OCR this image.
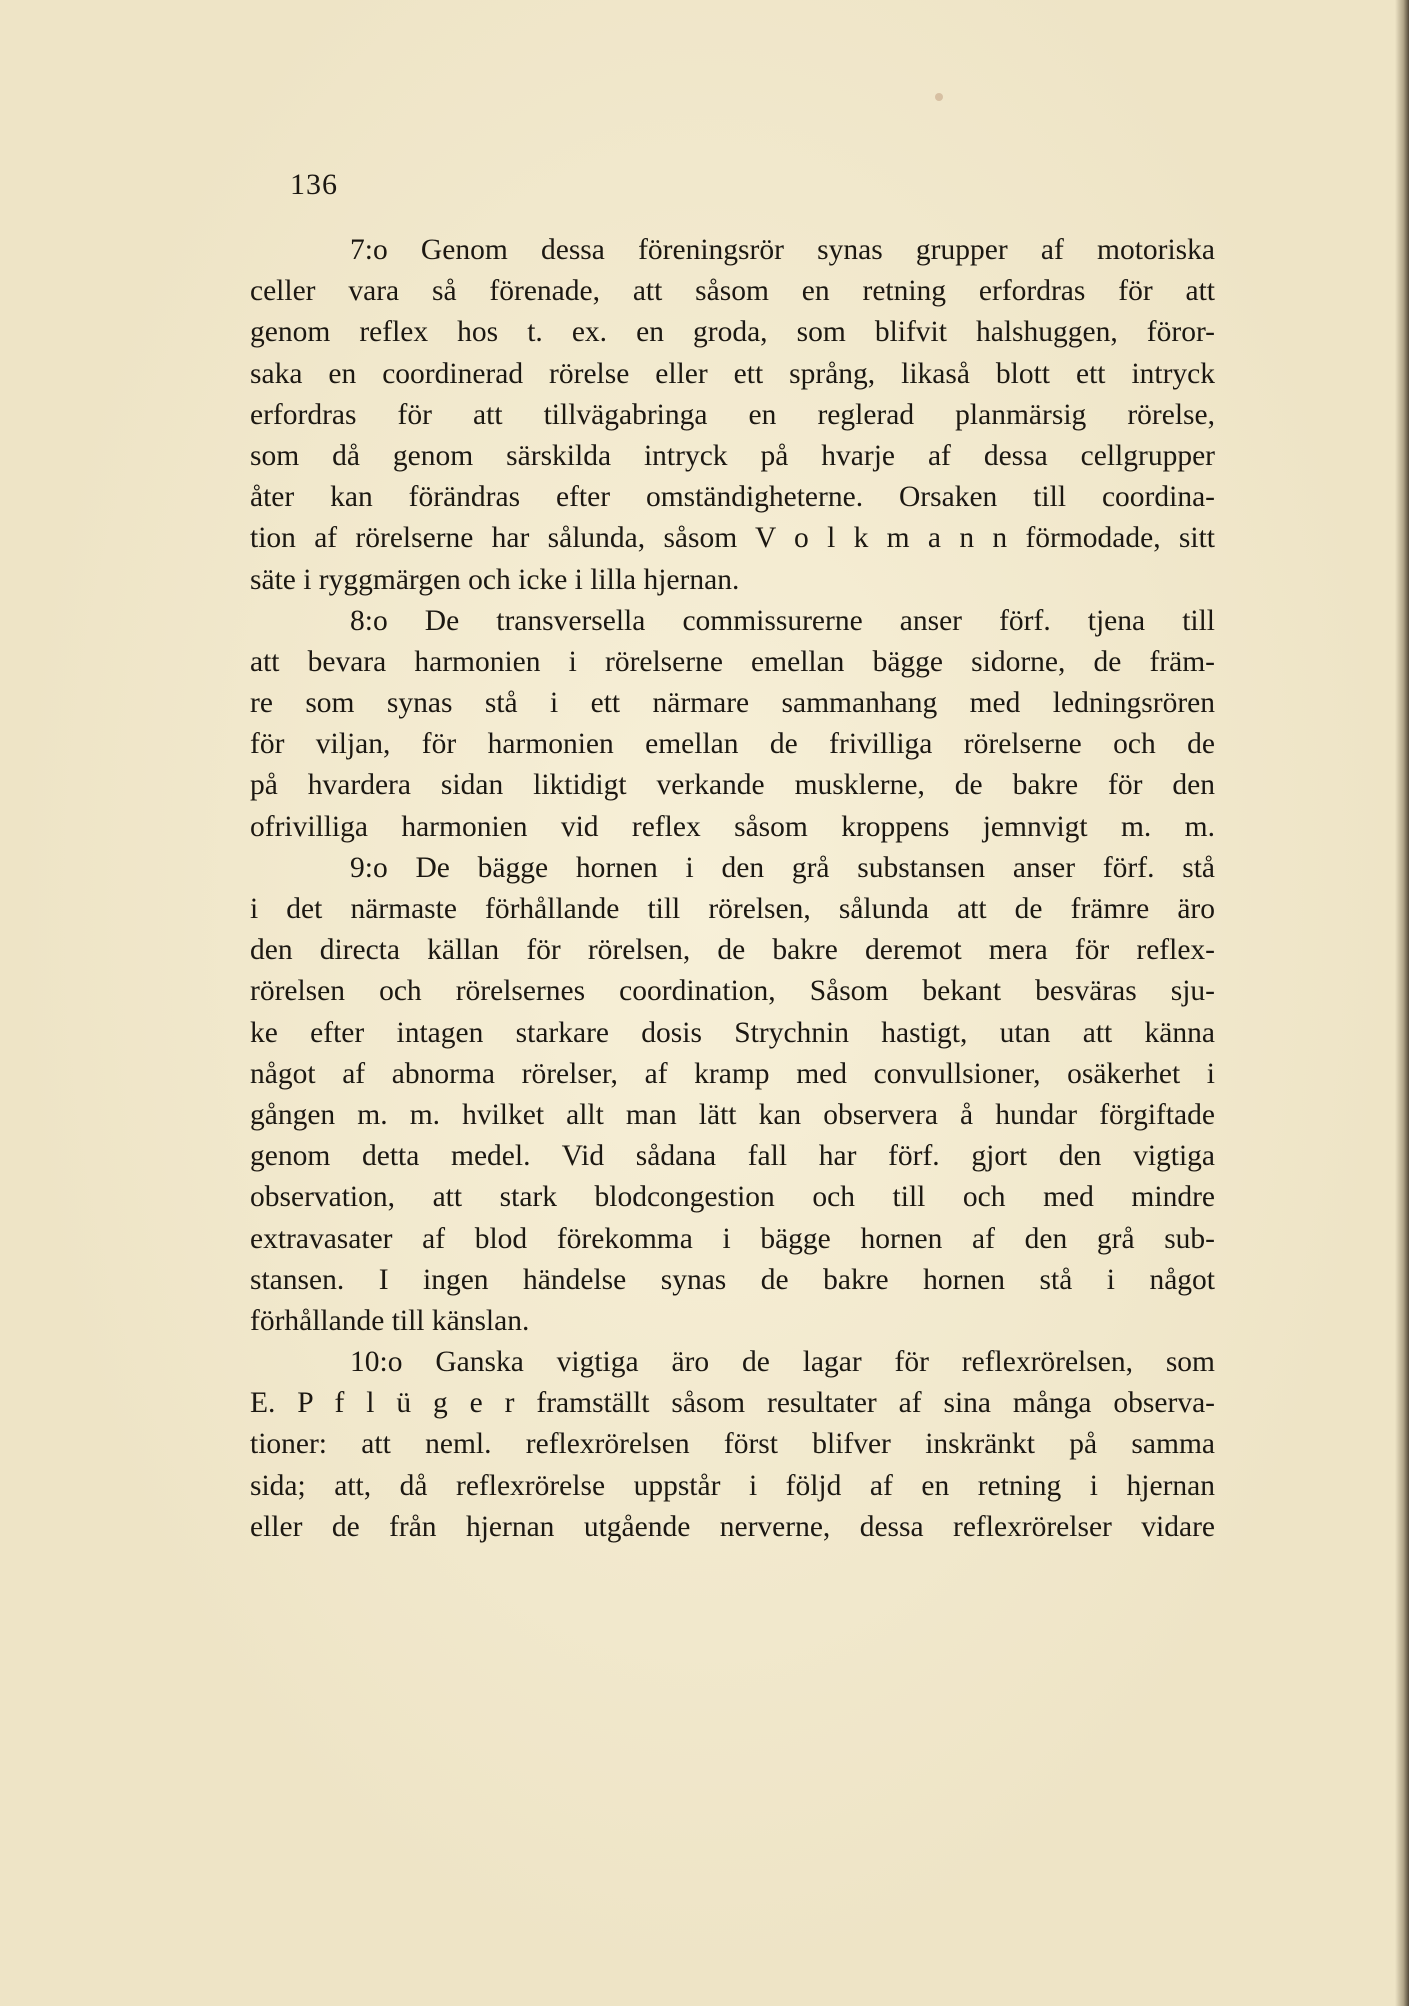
136
7:o Genom dessa föreningsrör synas grupper af motoriska
celler vara så förenade, att såsom en retning erfordras för att
genom reflex hos t. ex. en groda, som blifvit halshuggen, föror-
saka en coordinerad rörelse eller ett språng, likaså blott ett intryck
erfordras för att tillvägabringa en reglerad planmärsig rörelse,
som då genom särskilda intryck på hvarje af dessa cellgrupper
åter kan förändras efter omständigheterne. Orsaken till coordina-
tion af rörelserne har sålunda, såsom V o l k m a n n förmodade, sitt
säte i ryggmärgen och icke i lilla hjernan.
8:o De transversella commissurerne anser förf. tjena till
att bevara harmonien i rörelserne emellan bägge sidorne, de främ-
re som synas stå i ett närmare sammanhang med ledningsrören
för viljan, för harmonien emellan de frivilliga rörelserne och de
på hvardera sidan liktidigt verkande musklerne, de bakre för den
ofrivilliga harmonien vid reflex såsom kroppens jemnvigt m. m.
9:o De bägge hornen i den grå substansen anser förf. stå
i det närmaste förhållande till rörelsen, sålunda att de främre äro
den directa källan för rörelsen, de bakre deremot mera för reflex-
rörelsen och rörelsernes coordination, Såsom bekant besväras sju-
ke efter intagen starkare dosis Strychnin hastigt, utan att känna
något af abnorma rörelser, af kramp med convullsioner, osäkerhet i
gången m. m. hvilket allt man lätt kan observera å hundar förgiftade
genom detta medel. Vid sådana fall har förf. gjort den vigtiga
observation, att stark blodcongestion och till och med mindre
extravasater af blod förekomma i bägge hornen af den grå sub-
stansen. I ingen händelse synas de bakre hornen stå i något
förhållande till känslan.
10:o Ganska vigtiga äro de lagar för reflexrörelsen, som
E. P f l ü g e r framställt såsom resultater af sina många observa-
tioner: att neml. reflexrörelsen först blifver inskränkt på samma
sida; att, då reflexrörelse uppstår i följd af en retning i hjernan
eller de från hjernan utgående nerverne, dessa reflexrörelser vidare
